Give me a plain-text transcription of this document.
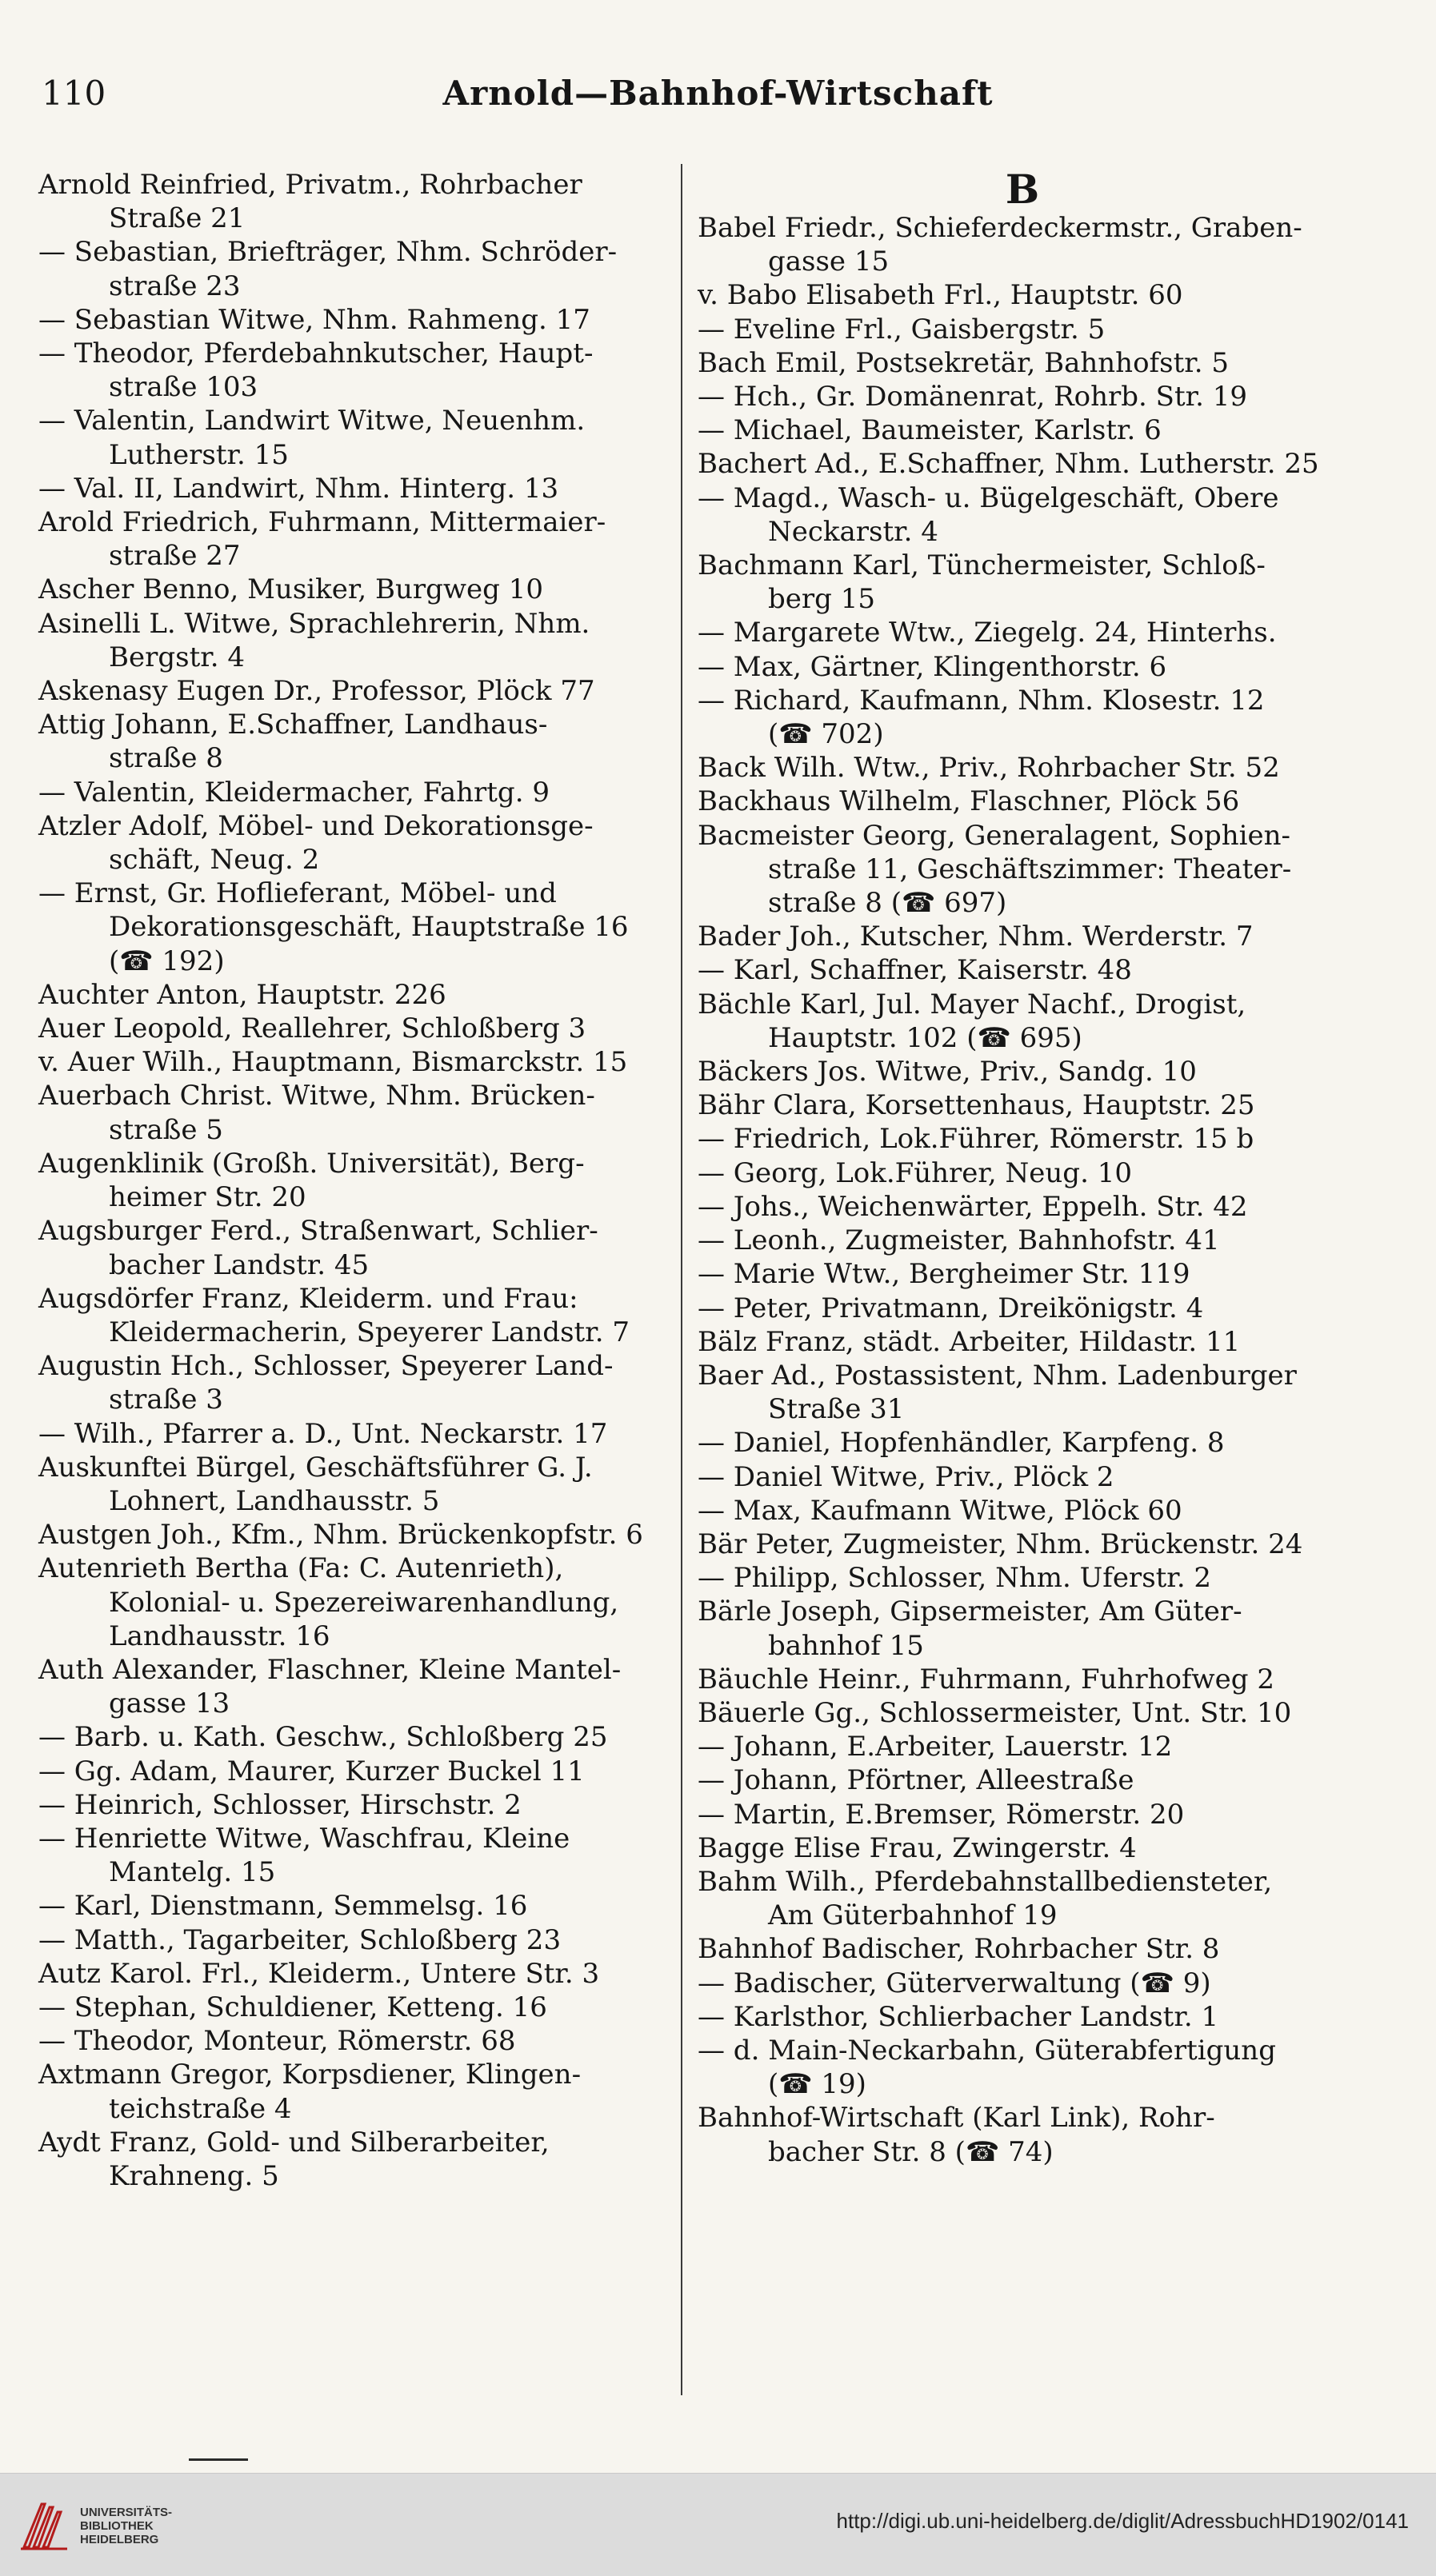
110	Arnold—Bahnhof-Wirtschaft
Arnold Reinfried, Privatm., Rohrbacher
Straße 21
— Sebastian, Briefträger, Nhm. Schröder-
straße 23
— Sebastian Witwe, Nhm. Rahmeng. 17
— Theodor, Pferdebahnkutscher, Haupt-
straße 103
— Valentin, Landwirt Witwe, Neuenhm.
Lutherstr. 15
— Val. II, Landwirt, Nhm. Hinterg. 13
Arold Friedrich, Fuhrmann, Mittermaier-
straße 27
Ascher Benno, Musiker, Burgweg 10
Asinelli L. Witwe, Sprachlehrerin, Nhm.
Bergstr. 4
Askenasy Eugen Dr., Professor, Plöck 77
Attig Johann, E.Schaffner, Landhaus-
straße 8
— Valentin, Kleidermacher, Fahrtg. 9
Atzler Adolf, Möbel- und Dekorationsge-
schäft, Neug. 2
— Ernst, Gr. Hoflieferant, Möbel- und
Dekorationsgeschäft, Hauptstraße 16
(☎ 192)
Auchter Anton, Hauptstr. 226
Auer Leopold, Reallehrer, Schloßberg 3
v. Auer Wilh., Hauptmann, Bismarckstr. 15
Auerbach Christ. Witwe, Nhm. Brücken-
straße 5
Augenklinik (Großh. Universität), Berg-
heimer Str. 20
Augsburger Ferd., Straßenwart, Schlier-
bacher Landstr. 45
Augsdörfer Franz, Kleiderm. und Frau:
Kleidermacherin, Speyerer Landstr. 7
Augustin Hch., Schlosser, Speyerer Land-
straße 3
— Wilh., Pfarrer a. D., Unt. Neckarstr. 17
Auskunftei Bürgel, Geschäftsführer G. J.
Lohnert, Landhausstr. 5
Austgen Joh., Kfm., Nhm. Brückenkopfstr. 6
Autenrieth Bertha (Fa: C. Autenrieth),
Kolonial- u. Spezereiwarenhandlung,
Landhausstr. 16
Auth Alexander, Flaschner, Kleine Mantel-
gasse 13
— Barb. u. Kath. Geschw., Schloßberg 25
— Gg. Adam, Maurer, Kurzer Buckel 11
— Heinrich, Schlosser, Hirschstr. 2
— Henriette Witwe, Waschfrau, Kleine
Mantelg. 15
— Karl, Dienstmann, Semmelsg. 16
— Matth., Tagarbeiter, Schloßberg 23
Autz Karol. Frl., Kleiderm., Untere Str. 3
— Stephan, Schuldiener, Ketteng. 16
— Theodor, Monteur, Römerstr. 68
Axtmann Gregor, Korpsdiener, Klingen-
teichstraße 4
Aydt Franz, Gold- und Silberarbeiter,
Krahneng. 5
B
Babel Friedr., Schieferdeckermstr., Graben-
gasse 15
v. Babo Elisabeth Frl., Hauptstr. 60
— Eveline Frl., Gaisbergstr. 5
Bach Emil, Postsekretär, Bahnhofstr. 5
— Hch., Gr. Domänenrat, Rohrb. Str. 19
— Michael, Baumeister, Karlstr. 6
Bachert Ad., E.Schaffner, Nhm. Lutherstr. 25
— Magd., Wasch- u. Bügelgeschäft, Obere
Neckarstr. 4
Bachmann Karl, Tünchermeister, Schloß-
berg 15
— Margarete Wtw., Ziegelg. 24, Hinterhs.
— Max, Gärtner, Klingenthorstr. 6
— Richard, Kaufmann, Nhm. Klosestr. 12
(☎ 702)
Back Wilh. Wtw., Priv., Rohrbacher Str. 52
Backhaus Wilhelm, Flaschner, Plöck 56
Bacmeister Georg, Generalagent, Sophien-
straße 11, Geschäftszimmer: Theater-
straße 8 (☎ 697)
Bader Joh., Kutscher, Nhm. Werderstr. 7
— Karl, Schaffner, Kaiserstr. 48
Bächle Karl, Jul. Mayer Nachf., Drogist,
Hauptstr. 102 (☎ 695)
Bäckers Jos. Witwe, Priv., Sandg. 10
Bähr Clara, Korsettenhaus, Hauptstr. 25
— Friedrich, Lok.Führer, Römerstr. 15 b
— Georg, Lok.Führer, Neug. 10
— Johs., Weichenwärter, Eppelh. Str. 42
— Leonh., Zugmeister, Bahnhofstr. 41
— Marie Wtw., Bergheimer Str. 119
— Peter, Privatmann, Dreikönigstr. 4
Bälz Franz, städt. Arbeiter, Hildastr. 11
Baer Ad., Postassistent, Nhm. Ladenburger
Straße 31
— Daniel, Hopfenhändler, Karpfeng. 8
— Daniel Witwe, Priv., Plöck 2
— Max, Kaufmann Witwe, Plöck 60
Bär Peter, Zugmeister, Nhm. Brückenstr. 24
— Philipp, Schlosser, Nhm. Uferstr. 2
Bärle Joseph, Gipsermeister, Am Güter-
bahnhof 15
Bäuchle Heinr., Fuhrmann, Fuhrhofweg 2
Bäuerle Gg., Schlossermeister, Unt. Str. 10
— Johann, E.Arbeiter, Lauerstr. 12
— Johann, Pförtner, Alleestraße
— Martin, E.Bremser, Römerstr. 20
Bagge Elise Frau, Zwingerstr. 4
Bahm Wilh., Pferdebahnstallbediensteter,
Am Güterbahnhof 19
Bahnhof Badischer, Rohrbacher Str. 8
— Badischer, Güterverwaltung (☎ 9)
— Karlsthor, Schlierbacher Landstr. 1
— d. Main-Neckarbahn, Güterabfertigung
(☎ 19)
Bahnhof-Wirtschaft (Karl Link), Rohr-
bacher Str. 8 (☎ 74)
UNIVERSITÄTS-
BIBLIOTHEK
HEIDELBERG
http://digi.ub.uni-heidelberg.de/diglit/AdressbuchHD1902/0141
